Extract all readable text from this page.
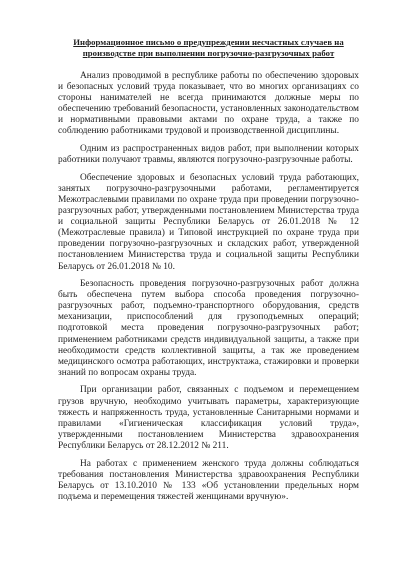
Информационное письмо о предупреждении несчастных случаев на производстве при выполнении погрузочно-разгрузочных работ

Анализ проводимой в республике работы по обеспечению здоровых и безопасных условий труда показывает, что во многих организациях со стороны нанимателей не всегда принимаются должные меры по обеспечению требований безопасности, установленных законодательством и нормативными правовыми актами по охране труда, а также по соблюдению работниками трудовой и производственной дисциплины.

Одним из распространенных видов работ, при выполнении которых работники получают травмы, являются погрузочно-разгрузочные работы.

Обеспечение здоровых и безопасных условий труда работающих, занятых погрузочно-разгрузочными работами, регламентируется Межотраслевыми правилами по охране труда при проведении погрузочно-разгрузочных работ, утвержденными постановлением Министерства труда и социальной защиты Республики Беларусь от 26.01.2018 № 12 (Межотраслевые правила) и Типовой инструкцией по охране труда при проведении погрузочно-разгрузочных и складских работ, утвержденной постановлением Министерства труда и социальной защиты Республики Беларусь от 26.01.2018 № 10.

Безопасность проведения погрузочно-разгрузочных работ должна быть обеспечена путем выбора способа проведения погрузочно-разгрузочных работ, подъемно-транспортного оборудования, средств механизации, приспособлений для грузоподъемных операций; подготовкой места проведения погрузочно-разгрузочных работ; применением работниками средств индивидуальной защиты, а также при необходимости средств коллективной защиты, а так же проведением медицинского осмотра работающих, инструктажа, стажировки и проверки знаний по вопросам охраны труда.

При организации работ, связанных с подъемом и перемещением грузов вручную, необходимо учитывать параметры, характеризующие тяжесть и напряженность труда, установленные Санитарными нормами и правилами «Гигиеническая классификация условий труда», утвержденными постановлением Министерства здравоохранения Республики Беларусь от 28.12.2012 № 211.

На работах с применением женского труда должны соблюдаться требования постановления Министерства здравоохранения Республики Беларусь от 13.10.2010 № 133 «Об установлении предельных норм подъема и перемещения тяжестей женщинами вручную».
